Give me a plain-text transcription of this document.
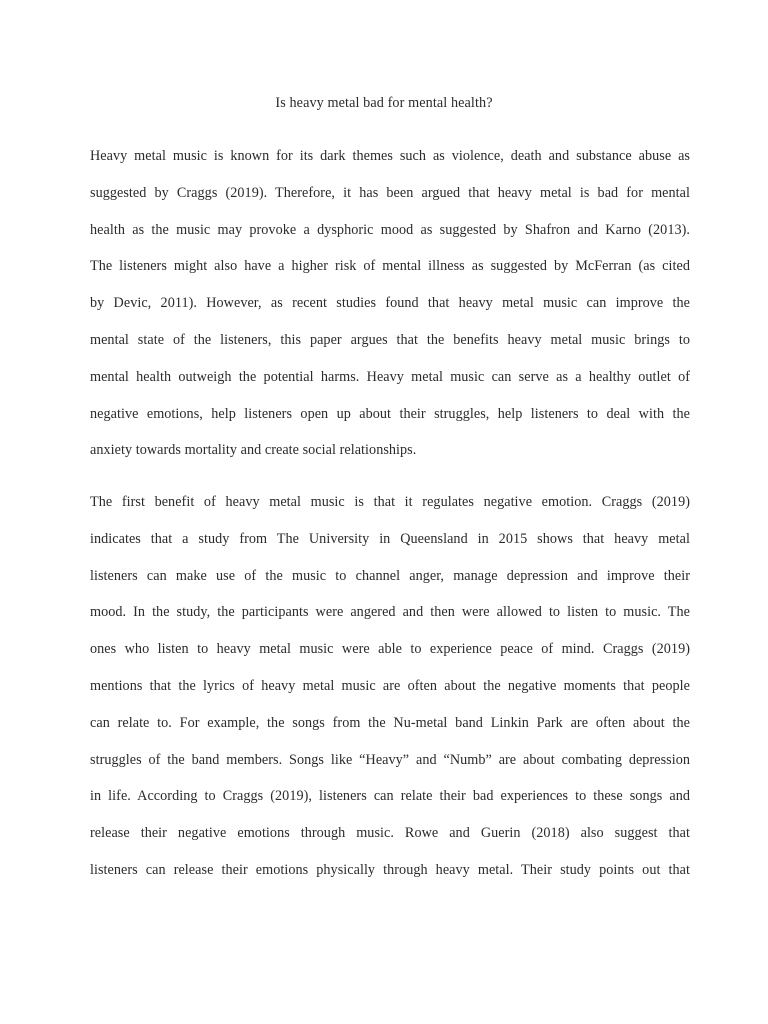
Is heavy metal bad for mental health?
Heavy metal music is known for its dark themes such as violence, death and substance abuse as
suggested by Craggs (2019). Therefore, it has been argued that heavy metal is bad for mental
health as the music may provoke a dysphoric mood as suggested by Shafron and Karno (2013).
The listeners might also have a higher risk of mental illness as suggested by McFerran (as cited
by Devic, 2011). However, as recent studies found that heavy metal music can improve the
mental state of the listeners, this paper argues that the benefits heavy metal music brings to
mental health outweigh the potential harms. Heavy metal music can serve as a healthy outlet of
negative emotions, help listeners open up about their struggles, help listeners to deal with the
anxiety towards mortality and create social relationships.
The first benefit of heavy metal music is that it regulates negative emotion. Craggs (2019)
indicates that a study from The University in Queensland in 2015 shows that heavy metal
listeners can make use of the music to channel anger, manage depression and improve their
mood. In the study, the participants were angered and then were allowed to listen to music. The
ones who listen to heavy metal music were able to experience peace of mind. Craggs (2019)
mentions that the lyrics of heavy metal music are often about the negative moments that people
can relate to. For example, the songs from the Nu-metal band Linkin Park are often about the
struggles of the band members. Songs like “Heavy” and “Numb” are about combating depression
in life. According to Craggs (2019), listeners can relate their bad experiences to these songs and
release their negative emotions through music. Rowe and Guerin (2018) also suggest that
listeners can release their emotions physically through heavy metal. Their study points out that
